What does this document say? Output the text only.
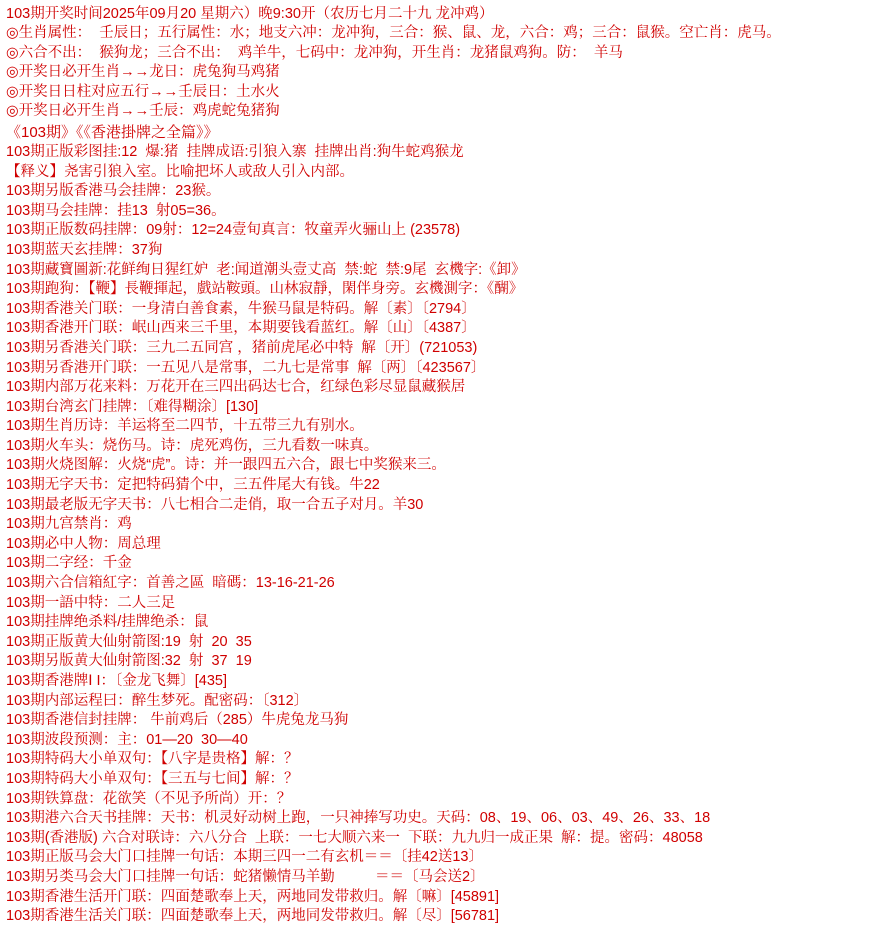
103期开奖时间2025年09月20 星期六）晚9:30开（农历七月二十九 龙冲鸡）
◎生肖属性：  壬辰日；五行属性：水；地支六冲：龙冲狗，三合：猴、鼠、龙，六合：鸡；三合：鼠猴。空亡肖：虎马。
◎六合不出：  猴狗龙；三合不出：  鸡羊牛，七码中：龙冲狗，开生肖：龙猪鼠鸡狗。防：  羊马
◎开奖日必开生肖→→龙日：虎兔狗马鸡猪
◎开奖日日柱对应五行→→壬辰日：土水火
◎开奖日必开生肖→→壬辰：鸡虎蛇兔猪狗
《103期》《《香港掛牌之全篇》》
103期正版彩图挂:12  爆:猪  挂牌成语:引狼入寨  挂牌出肖:狗牛蛇鸡猴龙
【释义】尧害引狼入室。比喻把坏人或敌人引入内部。
103期另版香港马会挂牌：23猴。
103期马会挂牌：挂13  射05=36。
103期正版数码挂牌：09射：12=24壹旬真言：牧童弄火骊山上 (23578)
103期蓝天玄挂牌：37狗
103期藏寶圖新:花鲜绚日猩红妒  老:闻道潮头壹丈高  禁:蛇  禁:9尾  玄機字:《卸》
103期跑狗：【鞭】長鞭揮起，戲站鞍頭。山林寂靜，閑伴身旁。玄機測字：《醐》
103期香港关门联：一身清白善食素，牛猴马鼠是特码。解〔素〕〔2794〕
103期香港开门联：岷山西来三千里，本期要钱看蓝红。解〔山〕〔4387〕
103期另香港关门联：三九二五同宫 ，猪前虎尾必中特  解〔开〕(721053)
103期另香港开门联：一五见八是常事，二九七是常事  解〔两〕〔423567〕
103期内部万花来料：万花开在三四出码达七合，红绿色彩尽显鼠藏猴居
103期台湾玄门挂牌：〔难得糊涂〕[130]
103期生肖历诗：羊运将至二四节，十五带三九有别水。
103期火车头：烧伤马。诗：虎死鸡伤，三九看数一味真。
103期火烧图解：火烧“虎”。诗：并一跟四五六合，跟七中奖猴来三。
103期无字天书：定把特码猜个中，三五件尾大有钱。牛22
103期最老版无字天书：八七相合二走俏，取一合五子对月。羊30
103期九宫禁肖：鸡
103期必中人物：周总理
103期二字经：千金
103期六合信箱紅字：首善之區  暗碼：13-16-21-26
103期一語中特：二人三足
103期挂牌绝杀料/挂牌绝杀：鼠
103期正版黄大仙射箭图:19  射  20  35
103期另版黄大仙射箭图:32  射  37  19
103期香港牌Ⅰ I：〔金龙飞舞〕[435]
103期内部运程曰：醉生梦死。配密码：〔312〕
103期香港信封挂牌： 牛前鸡后（285）牛虎兔龙马狗
103期波段预测：主：01—20  30—40
103期特码大小单双句：【八字是贵格】解：？
103期特码大小单双句：【三五与七间】解：？
103期铁算盘：花欲笑（不见予所尚）开：？
103期港六合天书挂牌：天书：机灵好动树上跑，一只神捧写功史。天码：08、19、06、03、49、26、33、18
103期(香港版) 六合对联诗：六八分合  上联：一七大顺六来一  下联：九九归一成正果  解：提。密码：48058
103期正版马会大门口挂牌一句话：本期三四一二有玄机＝＝〔挂42送13〕
103期另类马会大门口挂牌一句话：蛇猪懒情马羊勤          ＝＝〔马会送2〕
103期香港生活开门联：四面楚歌奉上天，两地同发带救归。解〔嘛〕[45891]
103期香港生活关门联：四面楚歌奉上天，两地同发带救归。解〔尽〕[56781]
